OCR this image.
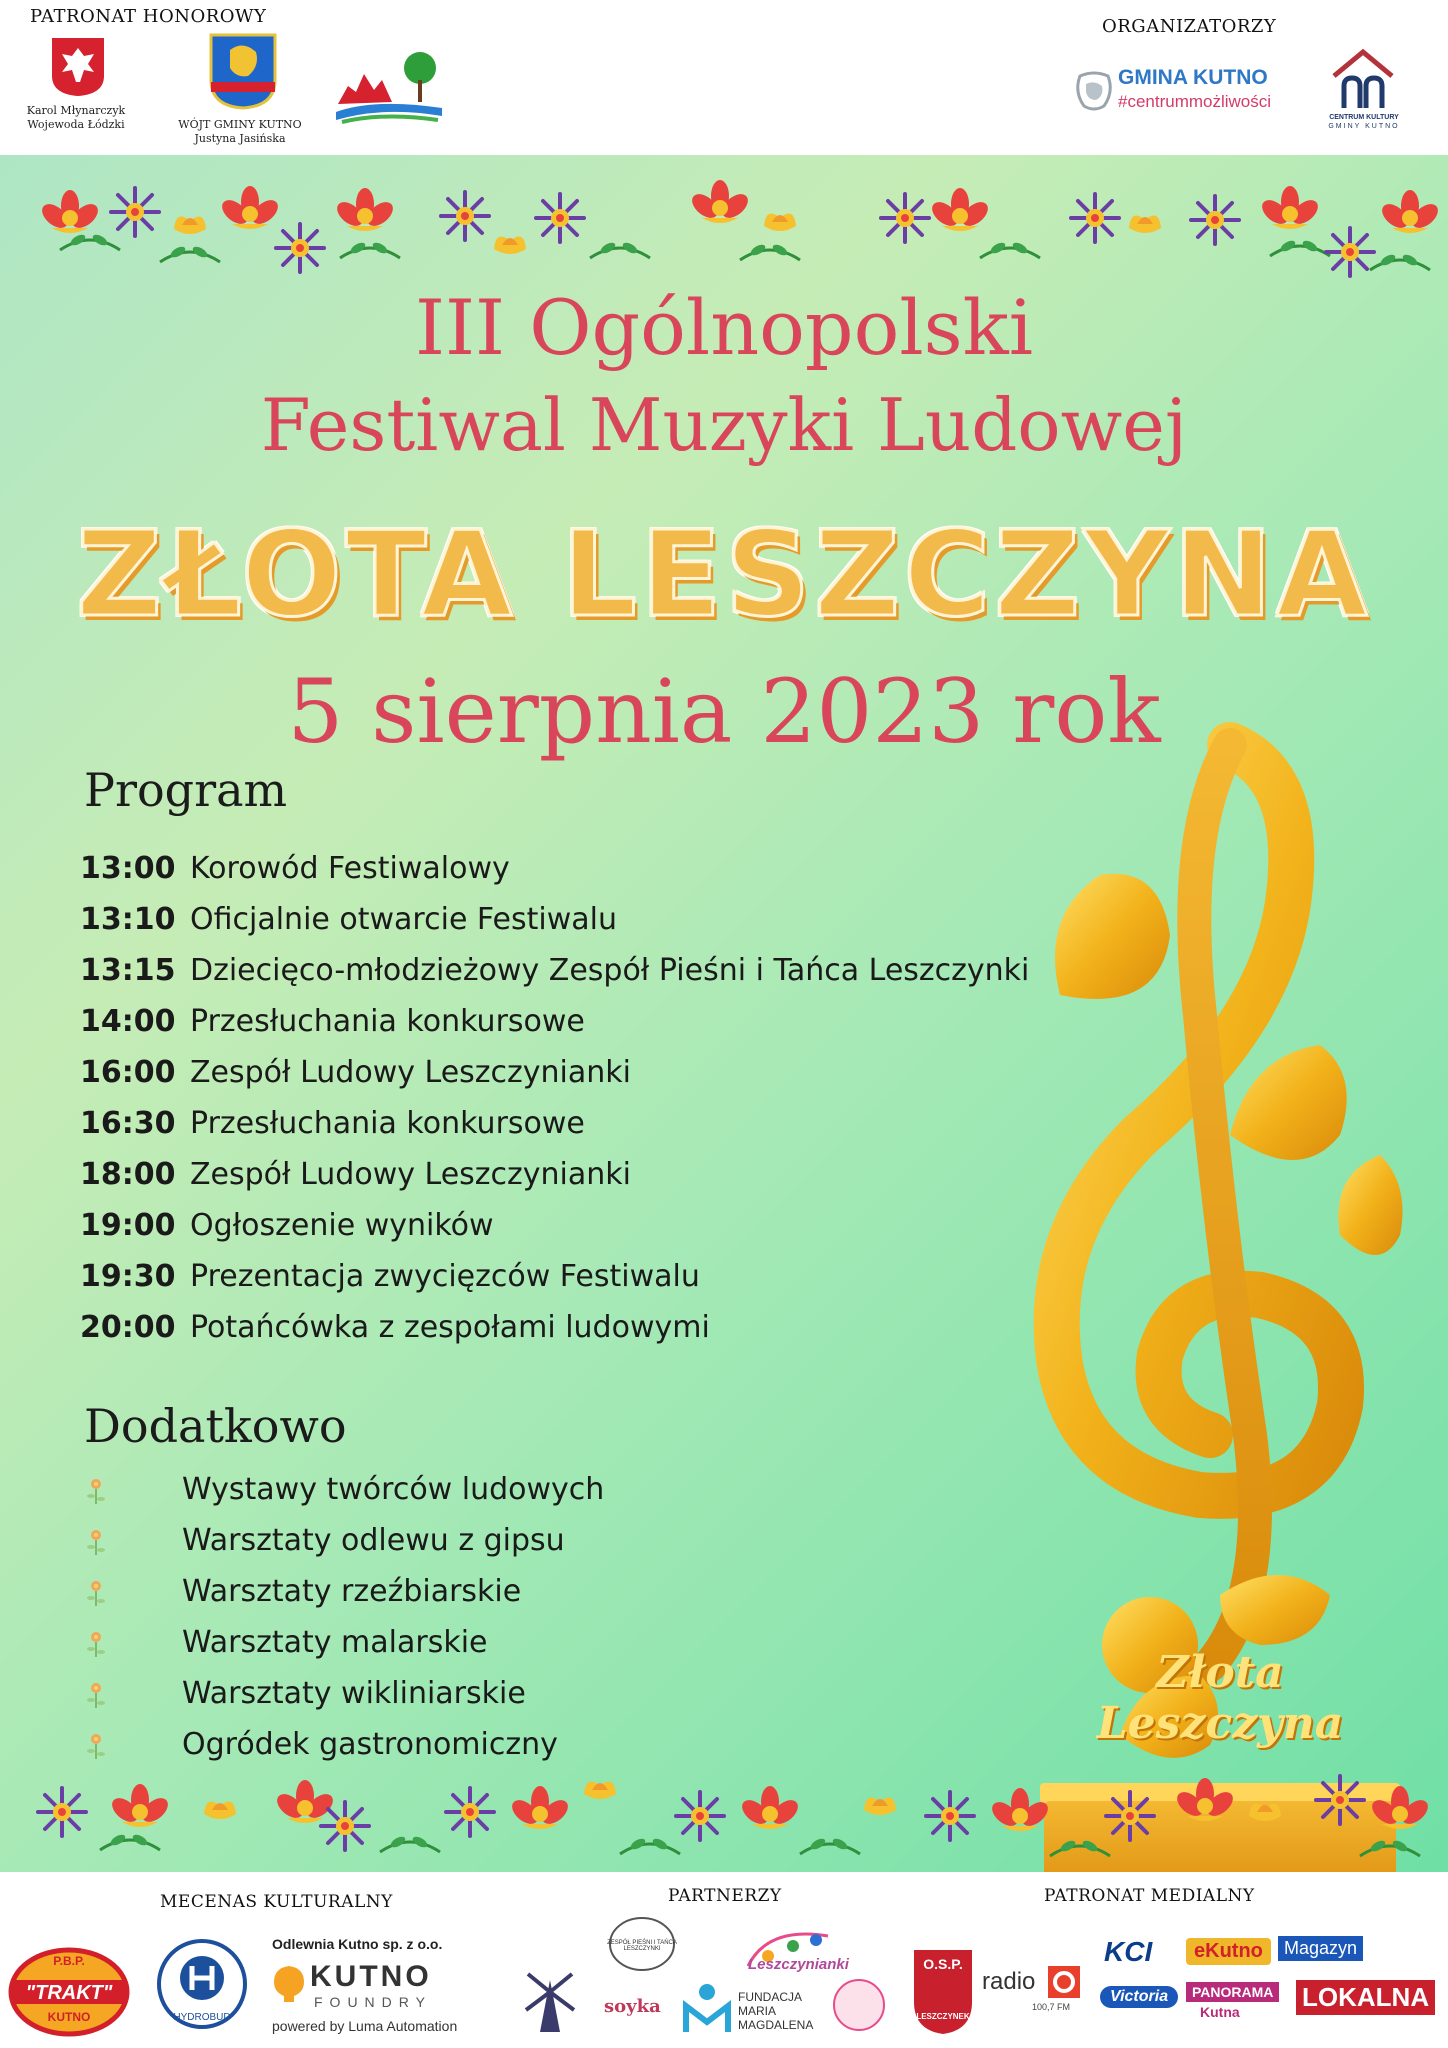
PATRONAT HONOROWY
Karol Młynarczyk
Wojewoda Łódzki	WÓJT GMINY KUTNO
Justyna Jasińska
ORGANIZATORZY
GMINA KUTNO
#centrummożliwości
CENTRUM KULTURY
GMINY KUTNO
III Ogólnopolski
Festiwal Muzyki Ludowej
ZŁOTA LESZCZYNA
5 sierpnia 2023 rok
Program
13:00 Korowód Festiwalowy
13:10 Oficjalnie otwarcie Festiwalu
13:15 Dziecięco-młodzieżowy Zespół Pieśni i Tańca Leszczynki
14:00 Przesłuchania konkursowe
16:00 Zespół Ludowy Leszczynianki
16:30 Przesłuchania konkursowe
18:00 Zespół Ludowy Leszczynianki
19:00 Ogłoszenie wyników
19:30 Prezentacja zwycięzców Festiwalu
20:00 Potańcówka z zespołami ludowymi
Dodatkowo
Wystawy twórców ludowych
Warsztaty odlewu z gipsu
Warsztaty rzeźbiarskie
Warsztaty malarskie
Warsztaty wikliniarskie
Ogródek gastronomiczny
Złota Leszczyna
MECENAS KULTURALNY	PARTNERZY	PATRONAT MEDIALNY
P.B.P.
"TRAKT"
KUTNO	HYDROBUD
Odlewnia Kutno sp. z o.o.
KUTNO
FOUNDRY
powered by Luma Automation
ZESPÓŁ PIEŚNI I TAŃCA LESZCZYNKI
soyka
Leszczynianki
FUNDACJA MARIA MAGDALENA
O.S.P.
LESZCZYNEK
radio
100,7 FM
KCI	eKutno	Magazyn
Victoria	PANORAMA
Kutna LOKALNA
